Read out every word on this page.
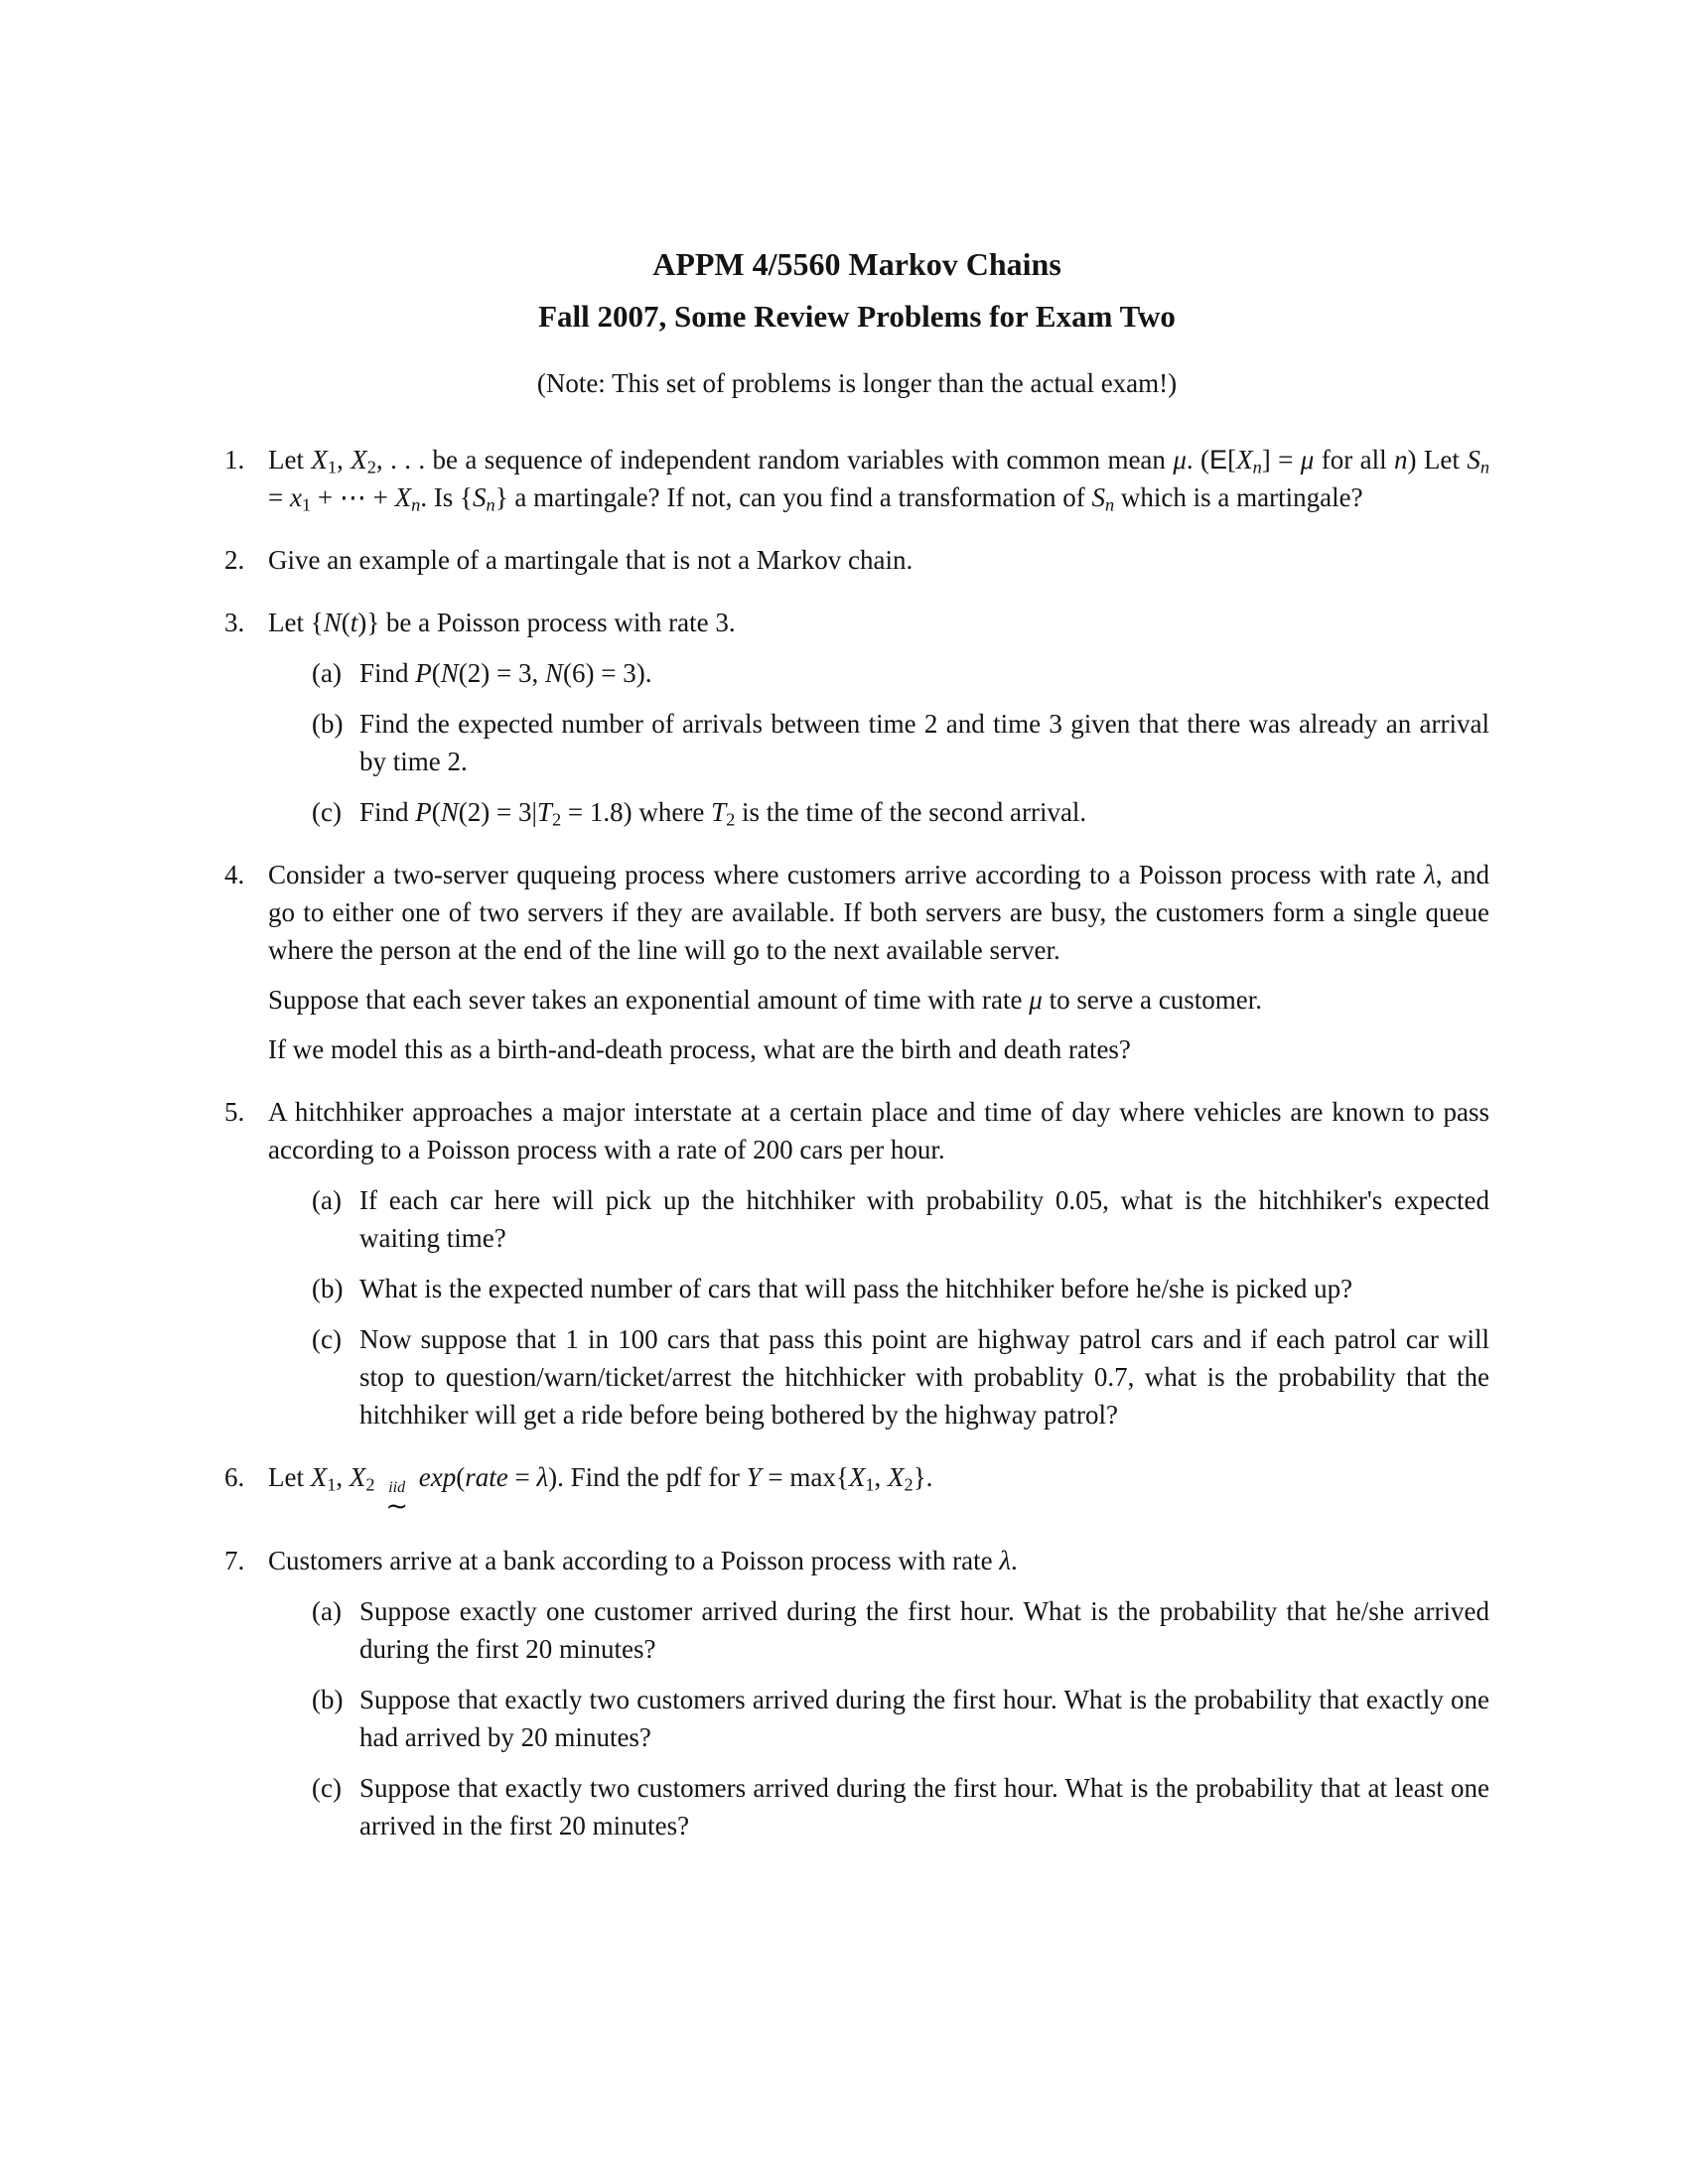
APPM 4/5560 Markov Chains
Fall 2007, Some Review Problems for Exam Two

(Note: This set of problems is longer than the actual exam!)

1. Let $X_1$, $X_2$, . . . be a sequence of independent random variables with common mean μ. ($E[X_n] = \mu$ for all n) Let $S_n = x_1$ + ⋯ + $X_n$. Is $\{S_n\}$ a martingale? If not, can you find a transformation of $S_n$ which is a martingale?

2. Give an example of a martingale that is not a Markov chain.

3. Let {N(t)} be a Poisson process with rate 3.

(a) Find P(N(2) = 3, N(6) = 3).

(b) Find the expected number of arrivals between time 2 and time 3 given that there was already an arrival by time 2.

(c) Find $P(N(2) = 3|T_2 = 1.8)$ where $T_2$ is the time of the second arrival.

4. Consider a two-server ququeing process where customers arrive according to a Poisson process with rate λ, and go to either one of two servers if they are available. If both servers are busy, the customers form a single queue where the person at the end of the line will go to the next available server.

Suppose that each sever takes an exponential amount of time with rate μ to serve a customer.

If we model this as a birth-and-death process, what are the birth and death rates?

5. A hitchhiker approaches a major interstate at a certain place and time of day where vehicles are known to pass according to a Poisson process with a rate of 200 cars per hour.

(a) If each car here will pick up the hitchhiker with probability 0.05, what is the hitchhiker's expected waiting time?

(b) What is the expected number of cars that will pass the hitchhiker before he/she is picked up?

(c) Now suppose that 1 in 100 cars that pass this point are highway patrol cars and if each patrol car will stop to question/warn/ticket/arrest the hitchhicker with probablity 0.7, what is the probability that the hitchhiker will get a ride before being bothered by the highway patrol?

6. Let $X_1$, $X_2$ iid
∼
exp(rate = λ). Find the pdf for $Y = \max\{X_1$, $X_2$}.

7. Customers arrive at a bank according to a Poisson process with rate λ.

(a) Suppose exactly one customer arrived during the first hour. What is the probability that he/she arrived during the first 20 minutes?

(b) Suppose that exactly two customers arrived during the first hour. What is the probability that exactly one had arrived by 20 minutes?

(c) Suppose that exactly two customers arrived during the first hour. What is the probability that at least one arrived in the first 20 minutes?
